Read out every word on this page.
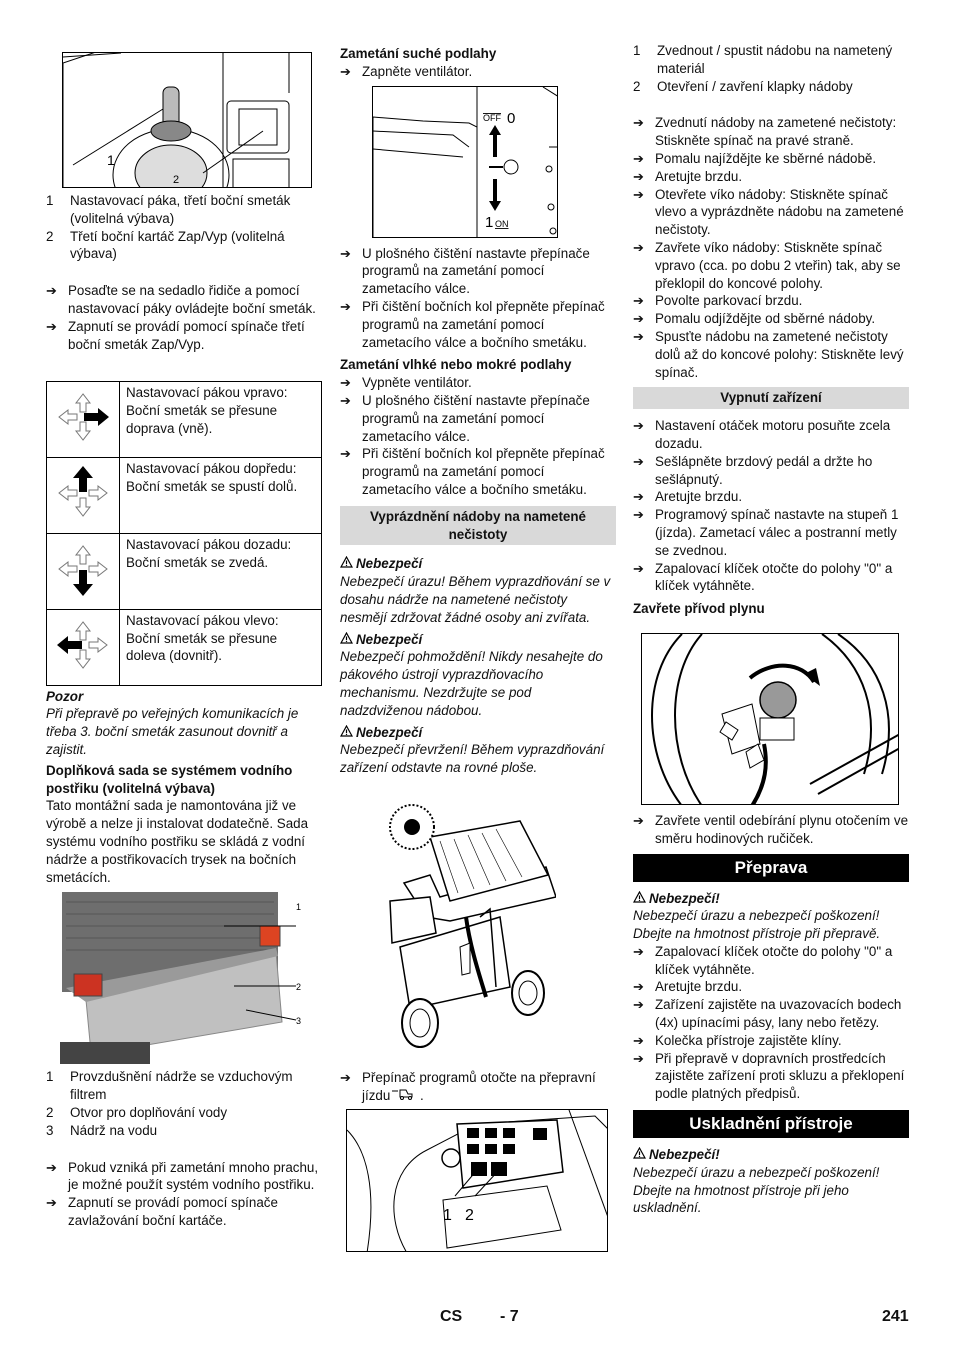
1
2
1	Nastavovací páka, třetí boční smeták (volitelná výbava)
2	Třetí boční kartáč Zap/Vyp (volitelná výbava)
➔ Posaďte se na sedadlo řidiče a pomocí nastavovací páky ovládejte boční smeták.
➔ Zapnutí se provádí pomocí spínače třetí boční smeták Zap/Vyp.
	Nastavovací pákou vpravo: Boční smeták se přesune doprava (vně).
	Nastavovací pákou dopředu: Boční smeták se spustí dolů.
	Nastavovací pákou dozadu: Boční smeták se zvedá.
	Nastavovací pákou vlevo: Boční smeták se přesune doleva (dovnitř).
Pozor
Při přepravě po veřejných komunikacích je třeba 3. boční smeták zasunout dovnitř a zajistit.
Doplňková sada se systémem vodního postřiku (volitelná výbava)
Tato montážní sada je namontována již ve výrobě a nelze ji instalovat dodatečně. Sada systému vodního postřiku se skládá z vodní nádrže a postřikovacích trysek na bočních smetácích.
1
2
3
1	Provzdušnění nádrže se vzduchovým filtrem
2	Otvor pro doplňování vody
3	Nádrž na vodu
➔ Pokud vzniká při zametání mnoho prachu, je možné použít systém vodního postřiku.
➔ Zapnutí se provádí pomocí spínače zavlažování boční kartáče.
Zametání suché podlahy
➔ Zapněte ventilátor.
OFF 0
1 ON
➔ U plošného čištění nastavte přepínače programů na zametání pomocí zametacího válce.
➔ Při čištění bočních kol přepněte přepínač programů na zametání pomocí zametacího válce a bočního smetáku.
Zametání vlhké nebo mokré podlahy
➔ Vypněte ventilátor.
➔ U plošného čištění nastavte přepínače programů na zametání pomocí zametacího válce.
➔ Při čištění bočních kol přepněte přepínač programů na zametání pomocí zametacího válce a bočního smetáku.
Vyprázdnění nádoby na nametené nečistoty
Nebezpečí
Nebezpečí úrazu! Během vyprazdňování se v dosahu nádrže na nametené nečistoty nesmějí zdržovat žádné osoby ani zvířata.
Nebezpečí
Nebezpečí pohmoždění! Nikdy nesahejte do pákového ústrojí vyprazdňovacího mechanismu. Nezdržujte se pod nadzdviženou nádobou.
Nebezpečí
Nebezpečí převržení! Během vyprazdňování zařízení odstavte na rovné ploše.
➔ Přepínač programů otočte na přepravní jízdu .
1 2
1	Zvednout / spustit nádobu na nametený materiál
2	Otevření / zavření klapky nádoby
➔ Zvednutí nádoby na zametené nečistoty: Stiskněte spínač na pravé straně.
➔ Pomalu najíždějte ke sběrné nádobě.
➔ Aretujte brzdu.
➔ Otevřete víko nádoby: Stiskněte spínač vlevo a vyprázdněte nádobu na zametené nečistoty.
➔ Zavřete víko nádoby: Stiskněte spínač vpravo (cca. po dobu 2 vteřin) tak, aby se překlopil do koncové polohy.
➔ Povolte parkovací brzdu.
➔ Pomalu odjíždějte od sběrné nádoby.
➔ Spusťte nádobu na zametené nečistoty dolů až do koncové polohy: Stiskněte levý spínač.
Vypnutí zařízení
➔ Nastavení otáček motoru posuňte zcela dozadu.
➔ Sešlápněte brzdový pedál a držte ho sešlápnutý.
➔ Aretujte brzdu.
➔ Programový spínač nastavte na stupeň 1 (jízda). Zametací válec a postranní metly se zvednou.
➔ Zapalovací klíček otočte do polohy "0" a klíček vytáhněte.
Zavřete přívod plynu
➔ Zavřete ventil odebírání plynu otočením ve směru hodinových ručiček.
Přeprava
Nebezpečí!
Nebezpečí úrazu a nebezpečí poškození! Dbejte na hmotnost přístroje při přepravě.
➔ Zapalovací klíček otočte do polohy "0" a klíček vytáhněte.
➔ Aretujte brzdu.
➔ Zařízení zajistěte na uvazovacích bodech (4x) upínacími pásy, lany nebo řetězy.
➔ Kolečka přístroje zajistěte klíny.
➔ Při přepravě v dopravních prostředcích zajistěte zařízení proti skluzu a překlopení podle platných předpisů.
Uskladnění přístroje
Nebezpečí!
Nebezpečí úrazu a nebezpečí poškození! Dbejte na hmotnost přístroje při jeho uskladnění.
CS - 7	241
